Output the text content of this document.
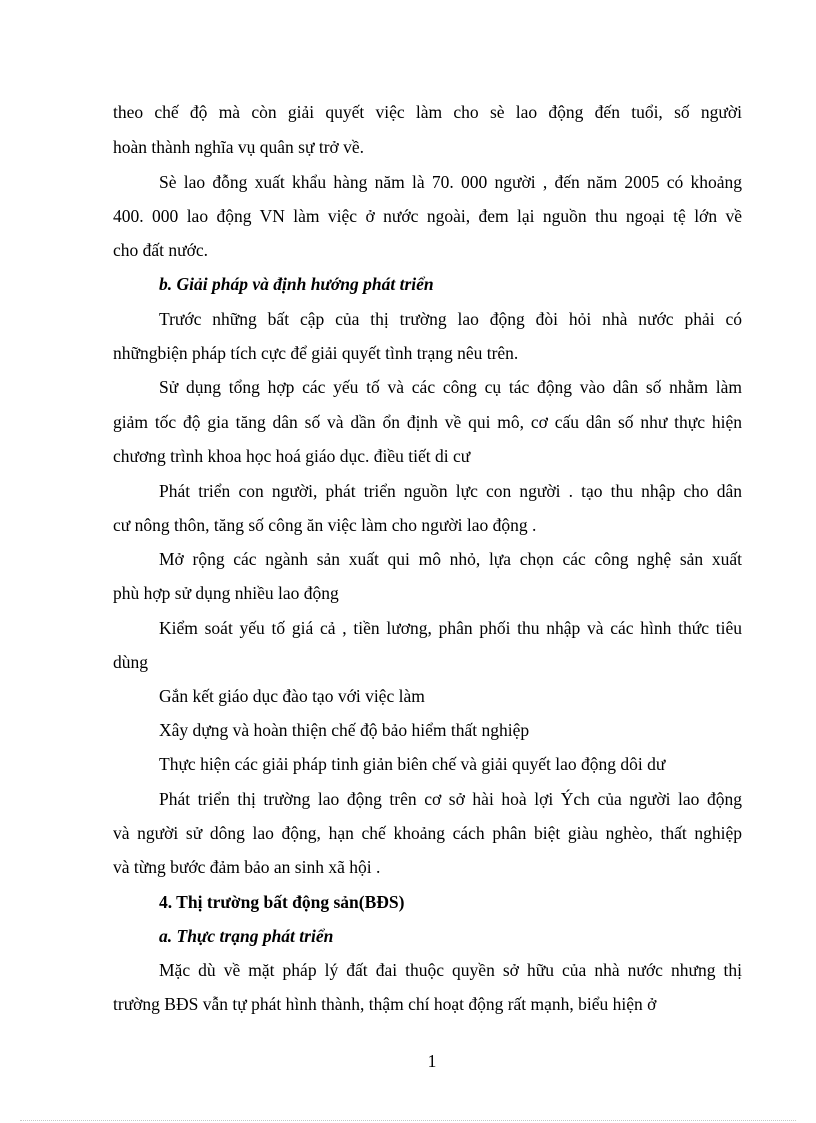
theo chế độ mà còn giải quyết việc làm cho sè lao động đến tuổi, số người
hoàn thành nghĩa vụ quân sự trở về.
Sè lao đỗng xuất khẩu hàng năm là 70. 000 người , đến năm 2005 có khoảng
400. 000 lao động VN làm việc ở nước ngoài, đem lại nguồn thu ngoại tệ lớn về
cho đất nước.
b. Giải pháp và định hướng phát triển
Trước những bất cập của thị trường lao động đòi hỏi nhà nước phải có
nhữngbiện pháp tích cực để giải quyết tình trạng nêu trên.
Sử dụng tổng hợp các yếu tố và các công cụ tác động vào dân số nhằm làm
giảm tốc độ gia tăng dân số và dần ổn định về qui mô, cơ cấu dân số như thực hiện
chương trình khoa học hoá giáo dục. điều tiết di cư
Phát triển con người, phát triển nguồn lực con người . tạo thu nhập cho dân
cư nông thôn, tăng số công ăn việc làm cho người lao động .
Mở rộng các ngành sản xuất qui mô nhỏ, lựa chọn các công nghệ sản xuất
phù hợp sử dụng nhiều lao động
Kiểm soát yếu tố giá cả , tiền lương, phân phối thu nhập và các hình thức tiêu
dùng
Gắn kết giáo dục đào tạo với việc làm
Xây dựng và hoàn thiện chế độ bảo hiểm thất nghiệp
Thực hiện các giải pháp tinh giản biên chế và giải quyết lao động dôi dư
Phát triển thị trường lao động trên cơ sở hài hoà lợi Ých của người lao động
và người sử dông lao động, hạn chế khoảng cách phân biệt giàu nghèo, thất nghiệp
và từng bước đảm bảo an sinh xã hội .
4. Thị trường bất động sản(BĐS)
a. Thực trạng phát triển
Mặc dù về mặt pháp lý đất đai thuộc quyền sở hữu của nhà nước nhưng thị
trường BĐS vẫn tự phát hình thành, thậm chí hoạt động rất mạnh, biểu hiện ở
1
